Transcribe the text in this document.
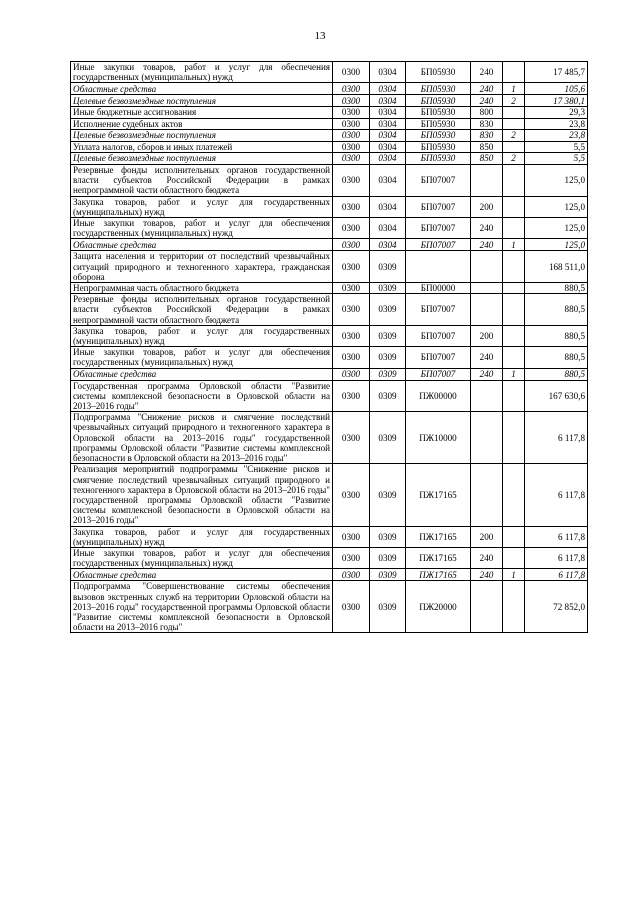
13
Иные закупки товаров, работ и услуг для обеспечения государственных (муниципальных) нужд	0300	0304	БП05930	240		17 485,7
Областные средства	0300	0304	БП05930	240	1	105,6
Целевые безвозмездные поступления	0300	0304	БП05930	240	2	17 380,1
Иные бюджетные ассигнования	0300	0304	БП05930	800		29,3
Исполнение судебных актов	0300	0304	БП05930	830		23,8
Целевые безвозмездные поступления	0300	0304	БП05930	830	2	23,8
Уплата налогов, сборов и иных платежей	0300	0304	БП05930	850		5,5
Целевые безвозмездные поступления	0300	0304	БП05930	850	2	5,5
Резервные фонды исполнительных органов государственной власти субъектов Российской Федерации в рамках непрограммной части областного бюджета	0300	0304	БП07007			125,0
Закупка товаров, работ и услуг для государственных (муниципальных) нужд	0300	0304	БП07007	200		125,0
Иные закупки товаров, работ и услуг для обеспечения государственных (муниципальных) нужд	0300	0304	БП07007	240		125,0
Областные средства	0300	0304	БП07007	240	1	125,0
Защита населения и территории от последствий чрезвычайных ситуаций природного и техногенного характера, гражданская оборона	0300	0309				168 511,0
Непрограммная часть областного бюджета	0300	0309	БП00000			880,5
Резервные фонды исполнительных органов государственной власти субъектов Российской Федерации в рамках непрограммной части областного бюджета	0300	0309	БП07007			880,5
Закупка товаров, работ и услуг для государственных (муниципальных) нужд	0300	0309	БП07007	200		880,5
Иные закупки товаров, работ и услуг для обеспечения государственных (муниципальных) нужд	0300	0309	БП07007	240		880,5
Областные средства	0300	0309	БП07007	240	1	880,5
Государственная программа Орловской области "Развитие системы комплексной безопасности в Орловской области на 2013–2016 годы"	0300	0309	ПЖ00000			167 630,6
Подпрограмма "Снижение рисков и смягчение последствий чрезвычайных ситуаций природного и техногенного характера в Орловской области на 2013–2016 годы" государственной программы Орловской области "Развитие системы комплексной безопасности в Орловской области на 2013–2016 годы"	0300	0309	ПЖ10000			6 117,8
Реализация мероприятий подпрограммы "Снижение рисков и смягчение последствий чрезвычайных ситуаций природного и техногенного характера в Орловской области на 2013–2016 годы" государственной программы Орловской области "Развитие системы комплексной безопасности в Орловской области на 2013–2016 годы"	0300	0309	ПЖ17165			6 117,8
Закупка товаров, работ и услуг для государственных (муниципальных) нужд	0300	0309	ПЖ17165	200		6 117,8
Иные закупки товаров, работ и услуг для обеспечения государственных (муниципальных) нужд	0300	0309	ПЖ17165	240		6 117,8
Областные средства	0300	0309	ПЖ17165	240	1	6 117,8
Подпрограмма "Совершенствование системы обеспечения вызовов экстренных служб на территории Орловской области на 2013–2016 годы" государственной программы Орловской области "Развитие системы комплексной безопасности в Орловской области на 2013–2016 годы"	0300	0309	ПЖ20000			72 852,0
